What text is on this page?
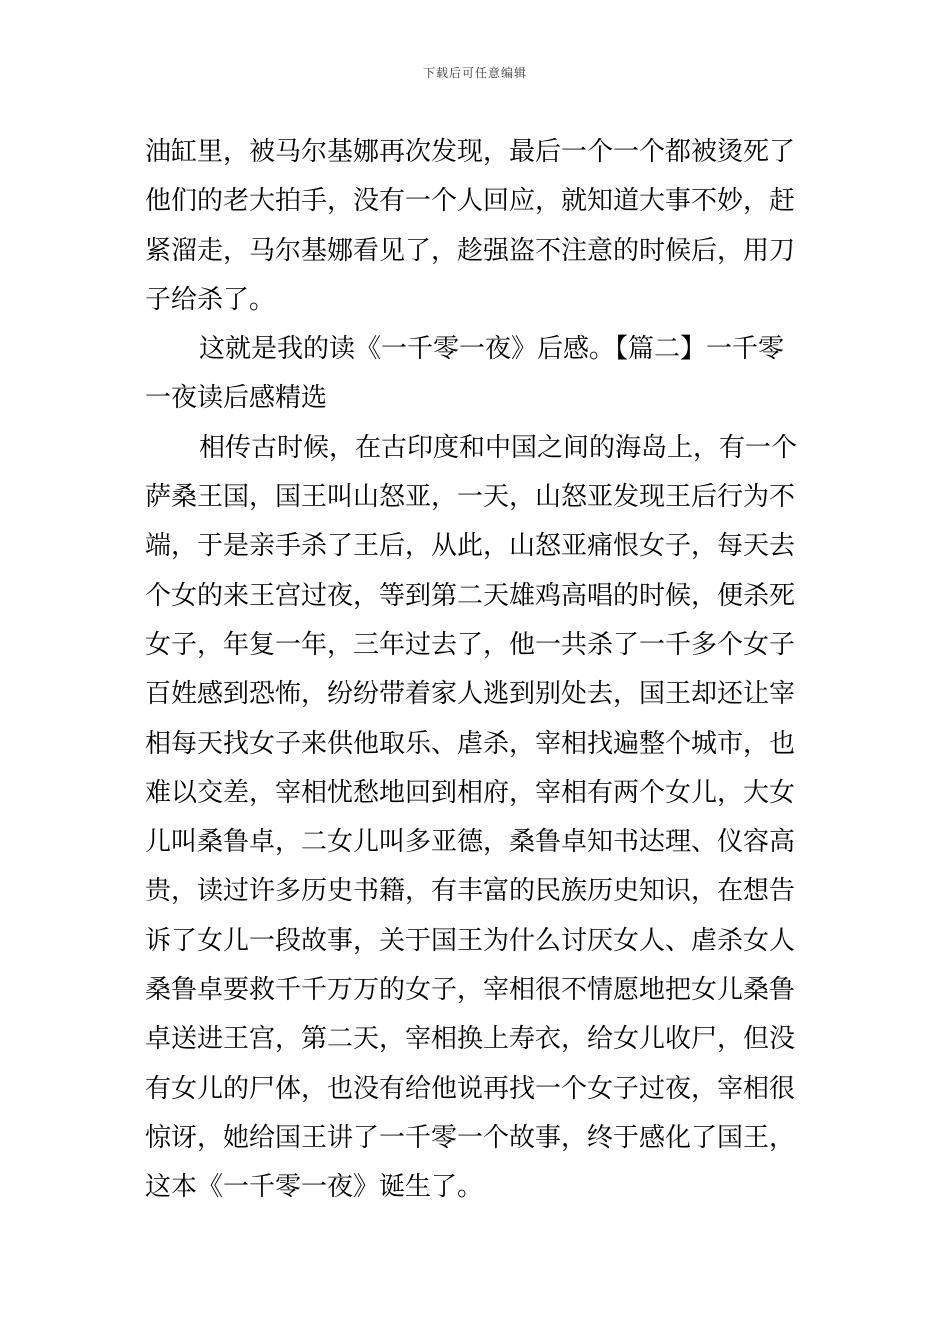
下载后可任意编辑
油缸里，被马尔基娜再次发现，最后一个一个都被烫死了
他们的老大拍手，没有一个人回应，就知道大事不妙，赶
紧溜走，马尔基娜看见了，趁强盗不注意的时候后，用刀
子给杀了。
这就是我的读《一千零一夜》后感。【篇二】一千零
一夜读后感精选
相传古时候，在古印度和中国之间的海岛上，有一个
萨桑王国，国王叫山怒亚，一天，山怒亚发现王后行为不
端，于是亲手杀了王后，从此，山怒亚痛恨女子，每天去
个女的来王宫过夜，等到第二天雄鸡高唱的时候，便杀死
女子，年复一年，三年过去了，他一共杀了一千多个女子
百姓感到恐怖，纷纷带着家人逃到别处去，国王却还让宰
相每天找女子来供他取乐、虐杀，宰相找遍整个城市，也
难以交差，宰相忧愁地回到相府，宰相有两个女儿，大女
儿叫桑鲁卓，二女儿叫多亚德，桑鲁卓知书达理、仪容高
贵，读过许多历史书籍，有丰富的民族历史知识，在想告
诉了女儿一段故事，关于国王为什么讨厌女人、虐杀女人
桑鲁卓要救千千万万的女子，宰相很不情愿地把女儿桑鲁
卓送进王宫，第二天，宰相换上寿衣，给女儿收尸，但没
有女儿的尸体，也没有给他说再找一个女子过夜，宰相很
惊讶，她给国王讲了一千零一个故事，终于感化了国王，
这本《一千零一夜》诞生了。
